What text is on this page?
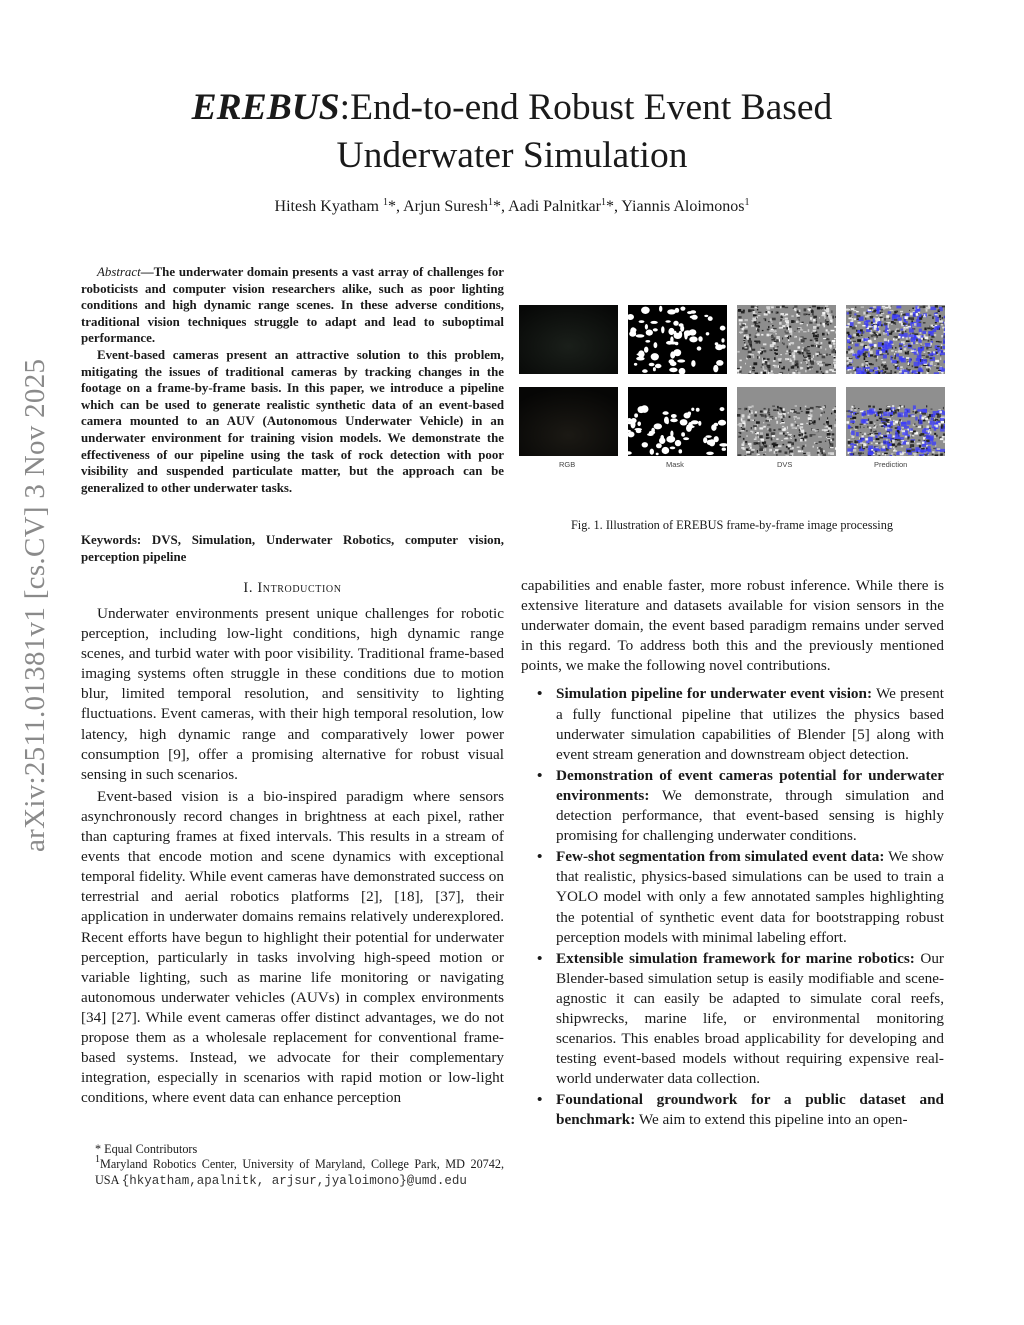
arXiv:2511.01381v1 [cs.CV] 3 Nov 2025
EREBUS:End-to-end Robust Event Based
Underwater Simulation
Hitesh Kyatham $^1$*, Arjun Suresh$^1$*, Aadi Palnitkar$^1$*, Yiannis Aloimonos$^1$

Abstract—The underwater domain presents a vast array of challenges for roboticists and computer vision researchers alike, such as poor lighting conditions and high dynamic range scenes. In these adverse conditions, traditional vision techniques struggle to adapt and lead to suboptimal performance.

Event-based cameras present an attractive solution to this problem, mitigating the issues of traditional cameras by tracking changes in the footage on a frame-by-frame basis. In this paper, we introduce a pipeline which can be used to generate realistic synthetic data of an event-based camera mounted to an AUV (Autonomous Underwater Vehicle) in an underwater environment for training vision models. We demonstrate the effectiveness of our pipeline using the task of rock detection with poor visibility and suspended particulate matter, but the approach can be generalized to other underwater tasks.

Keywords: DVS, Simulation, Underwater Robotics, computer vision, perception pipeline
I. Introduction

Underwater environments present unique challenges for robotic perception, including low-light conditions, high dynamic range scenes, and turbid water with poor visibility. Traditional frame-based imaging systems often struggle in these conditions due to motion blur, limited temporal resolution, and sensitivity to lighting fluctuations. Event cameras, with their high temporal resolution, low latency, high dynamic range and comparatively lower power consumption [9], offer a promising alternative for robust visual sensing in such scenarios.

Event-based vision is a bio-inspired paradigm where sensors asynchronously record changes in brightness at each pixel, rather than capturing frames at fixed intervals. This results in a stream of events that encode motion and scene dynamics with exceptional temporal fidelity. While event cameras have demonstrated success on terrestrial and aerial robotics platforms [2], [18], [37], their application in underwater domains remains relatively underexplored. Recent efforts have begun to highlight their potential for underwater perception, particularly in tasks involving high-speed motion or variable lighting, such as marine life monitoring or navigating autonomous underwater vehicles (AUVs) in complex environments [34] [27]. While event cameras offer distinct advantages, we do not propose them as a wholesale replacement for conventional frame-based systems. Instead, we advocate for their complementary integration, especially in scenarios with rapid motion or low-light conditions, where event data can enhance perception

* Equal Contributors
$^1$Maryland Robotics Center, University of Maryland, College Park, MD 20742, USA {hkyatham,apalnitk, arjsur,jyaloimono}@umd.edu
RGB	Mask	DVS	Prediction
Fig. 1. Illustration of EREBUS frame-by-frame image processing

capabilities and enable faster, more robust inference. While there is extensive literature and datasets available for vision sensors in the underwater domain, the event based paradigm remains under served in this regard. To address both this and the previously mentioned points, we make the following novel contributions.

• Simulation pipeline for underwater event vision: We present a fully functional pipeline that utilizes the physics based underwater simulation capabilities of Blender [5] along with event stream generation and downstream object detection.
• Demonstration of event cameras potential for underwater environments: We demonstrate, through simulation and detection performance, that event-based sensing is highly promising for challenging underwater conditions.
• Few-shot segmentation from simulated event data: We show that realistic, physics-based simulations can be used to train a YOLO model with only a few annotated samples highlighting the potential of synthetic event data for bootstrapping robust perception models with minimal labeling effort.
• Extensible simulation framework for marine robotics: Our Blender-based simulation setup is easily modifiable and scene-agnostic it can easily be adapted to simulate coral reefs, shipwrecks, marine life, or environmental monitoring scenarios. This enables broad applicability for developing and testing event-based models without requiring expensive real-world underwater data collection.
• Foundational groundwork for a public dataset and benchmark: We aim to extend this pipeline into an open-
